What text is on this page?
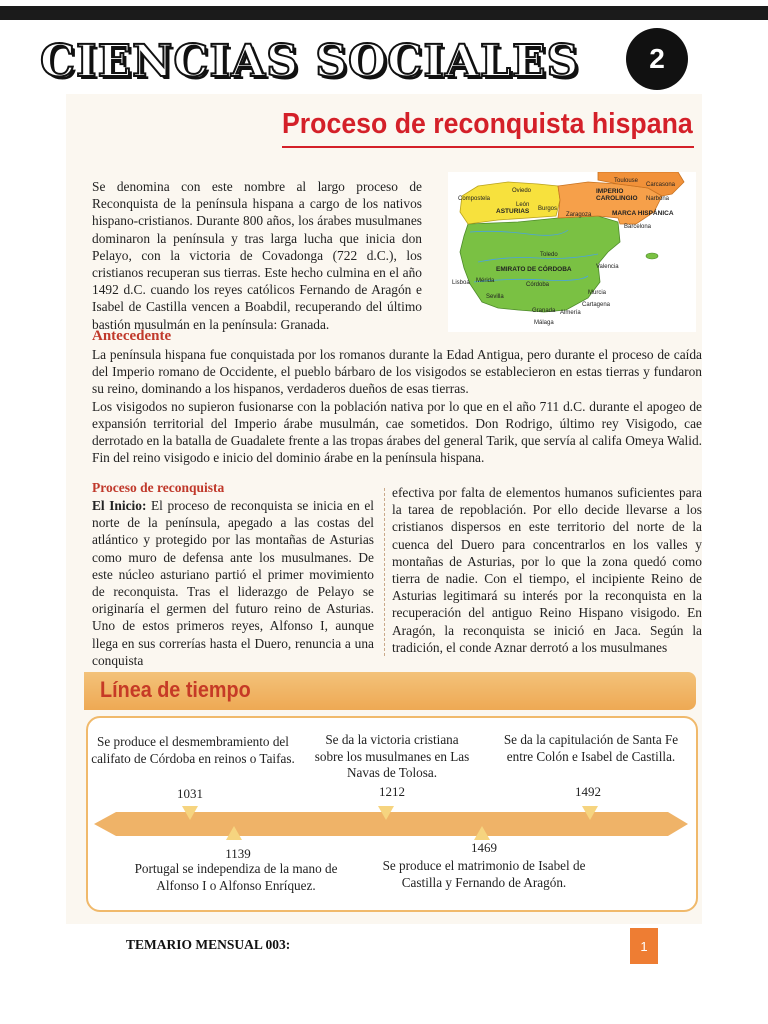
CIENCIAS SOCIALES	2
Proceso de reconquista hispana

Se denomina con este nombre al largo proceso de Reconquista de la península hispana a cargo de los nativos hispano-cristianos. Durante 800 años, los árabes musulmanes dominaron la península y tras larga lucha que inicia don Pelayo, con la victoria de Covadonga (722 d.C.), los cristianos recuperan sus tierras. Este hecho culmina en el año 1492 d.C. cuando los reyes católicos Fernando de Aragón e Isabel de Castilla vencen a Boabdil, recuperando del último bastión musulmán en la península: Granada.

Compostela
Oviedo
León
ASTURIAS Burgos
Toulouse
Carcasona
IMPERIO CAROLINGIO	Narbona
Zaragoza	MARCA HISPÁNICA
Barcelona
Toledo
EMIRATO DE CÓRDOBA	Valencia
Mérida
Lisboa	Córdoba
Sevilla
Murcia
Cartagena
Granada Almería
Málaga
Antecedente
La península hispana fue conquistada por los romanos durante la Edad Antigua, pero durante el proceso de caída del Imperio romano de Occidente, el pueblo bárbaro de los visigodos se establecieron en estas tierras y fundaron su reino, dominando a los hispanos, verdaderos dueños de esas tierras.
Los visigodos no supieron fusionarse con la población nativa por lo que en el año 711 d.C. durante el apogeo de expansión territorial del Imperio árabe musulmán, cae sometidos. Don Rodrigo, último rey Visigodo, cae derrotado en la batalla de Guadalete frente a las tropas árabes del general Tarik, que servía al califa Omeya Walid. Fin del reino visigodo e inicio del dominio árabe en la península hispana.
Proceso de reconquista

El Inicio: El proceso de reconquista se inicia en el norte de la península, apegado a las costas del atlántico y protegido por las montañas de Asturias como muro de defensa ante los musulmanes. De este núcleo asturiano partió el primer movimiento de reconquista. Tras el liderazgo de Pelayo se originaría el germen del futuro reino de Asturias. Uno de estos primeros reyes, Alfonso I, aunque llega en sus correrías hasta el Duero, renuncia a una conquista

efectiva por falta de elementos humanos suficientes para la tarea de repoblación. Por ello decide llevarse a los cristianos dispersos en este territorio del norte de la cuenca del Duero para concentrarlos en los valles y montañas de Asturias, por lo que la zona quedó como tierra de nadie. Con el tiempo, el incipiente Reino de Asturias legitimará su interés por la reconquista en la recuperación del antiguo Reino Hispano visigodo. En Aragón, la reconquista se inició en Jaca. Según la tradición, el conde Aznar derrotó a los musulmanes

Línea de tiempo
Se produce el desmembramiento del califato de Córdoba en reinos o Taifas.
1031
Se da la victoria cristiana sobre los musulmanes en Las Navas de Tolosa.
1212
Se da la capitulación de Santa Fe entre Colón e Isabel de Castilla.
1492
1139
Portugal se independiza de la mano de Alfonso I o Alfonso Enríquez.
1469
Se produce el matrimonio de Isabel de Castilla y Fernando de Aragón.
TEMARIO MENSUAL 003:	1
